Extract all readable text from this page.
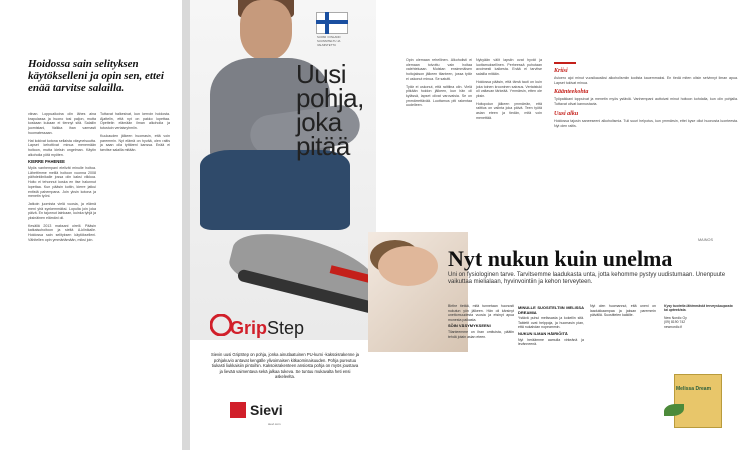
Hoidossa sain selityksen käytökselleni ja opin sen, ettei enää tarvitse salailla.
viinan. Loppuaikoina olin lähes aina krapulassa ja huono tosi paljon, mutta koskaan kukaan ei tiennyt sitä. Salailin juomistani, Valkka ihan varmasti huomatessaan.
Hat kokivat kotona sellaista väsyneisuutta. Lapset kehottivat minua menemään hoitoon, mutta kielsin ongelman. Käytin alkoholia yötä myöten.
KIERRE PAHENEE
Myös vanhempani elelivät minulle hoitoa. Lähettimme meillä hoitoon vuonna 2008 päihdeklinikalle jossa olin kaksi viikkoa. Hoito ei tehonnut koska en itse halunnut lopettaa. Kun pääsin kotiin, kierre jatkui entistä pahempana. Join yksin kotona ja menetin työni.
Jatkoin juomista vielä vuosia, ja elämä meni yhä synkemmäksi. Lopulta join joka päivä. En tajunnut lainkaan, kuinka tyhjä ja yksinäinen elämäni oli.
Kesällä 2013 maksani oireili. Pääsin katkaisuhoitoon ja sieltä A-klinikalle. Hoidossa sain selityksen käytökselleni. Vähitellen opin ymmärtämään, miksi join.
Tuttavat halkesivat, kun kerroin hoidosta. Ajattelin, että nyt on pakko lopettaa. Opettelin elämään ilman alkoholia ja tutustuin vertaisryhmiin.
Kuukauden jälkeen huomasin, että voin paremmin. Nyt elämä on hyvää, olen raitis ja saan olla tyttäreni kanssa. Enää ei tarvitse salailla mitään.
SUOMI / FINLAND SUUNNITELTU JA VALMISTETTU
Uusi pohja, joka pitää
GripStep
Sievin uusi GripStep on pohja, jonka ainutlaatuinen PU-kumi -kaksoisrakenne ja pohjakuvio antavat kengälle ylivoimaisen kitkaominaisuuden. Pohja pureutuu tiukasti liukkaisiin pintoihin. Kaksoisrakenteen ansiosta pohja on myös joustava ja lievää vaimentava sekä jalkaa tukeva. Se tuntuu mukavalta heti ensi askeleelta.
Sievi
sievi.com
Opin olemaan rehellinen. Alkoholisti ei olemaan toivottu vain hoitaa valehteluaan. Muistan ensimmäisen hoitojakson jälkeen tilanteen, jossa tytär ei uskonut minua. Se satutti.
Tytär ei uskonut, että raittiina olin. Vielä pitkään hoidon jälkeen, kun hän oli kylässä, lapset olivat varovaisia. Se on ymmärrettävää. Luottamus piti rakentaa uudelleen.
Nykyään välit lapsiin ovat hyvät ja luottamuksellinen. Perheessä puhutaan avoimesti kaikesta. Enää ei tarvitse salailla mitään.
Hoidossa pääsin, että tämä tauti on kuin joka toinen krooninen sairaus. Vertaistuki oli valtavan tärkeää. Ymmärsin, etten ole yksin.
Hoitopolun jälkeen ymmärrän, että raittius on valinta joka päivä. Teen työtä asian eteen ja tiedän, mitä voin menettää.
Kriisi
Avioero ajoi minut vuosikausiksi alkoholismiin kodista kauemmaksi. En tiedä miten olisin selvinnyt ilman apua. Lapset tukivat minua.
Käänteekohta
Työpaikkani loppuivat ja menetin myös ystäviä. Vanhempani auttoivat minut hoitoon kohdalla, kun olin pohjalla. Tuttavat olivat kannustavia.
Uusi alku
Hoidossa tajusin saneeseeni alkoholismia. Tuli suuri helpotus, kun ymmärsin, ettei kyse ollut huonosta luonteesta. Nyt olen raitis.
MAINOS
Nyt nukun kuin unelma
Uni on fysiologinen tarve. Tarvitsemme laadukasta unta, jotta kehomme pystyy uudistumaan. Unenpuute vaikuttaa mielialaan, hyvinvointiin ja kehon terveyteen.
Birthe tietää, mitä tunnetaan huonosti nukutun yön jälkeen. Hän oli kärsinyt unettomuudesta vuosia ja etsinyt apua monesta paikasta.
SÖIN VÄSYMYKSEENI
Tilanteemme on ihan omituista, päätin tehdä jotain asian eteen.
MINULLE SUOSITELTIIN MELISSA DREAMIA
Ystävä puhui melissasta ja kokeilin sitä. Tabletit ovat helppoja, ja huomasin pian, että nukahdan nopeammin.
NUKUN ILMAN HÄIRIÖITÄ
Nyt heräämme aamulla virkeänä ja levänneenä.
Nyt olen huomannut, että uneni on laadukkaampaa ja jaksan paremmin päivällä. Suosittelen kaikille.
Kysy tuotetta lähimmästä terveyskaupasta tai apteekista.
New Nordic Oy
(09) 8190 742
newnordic.fi
Melissa Dream
